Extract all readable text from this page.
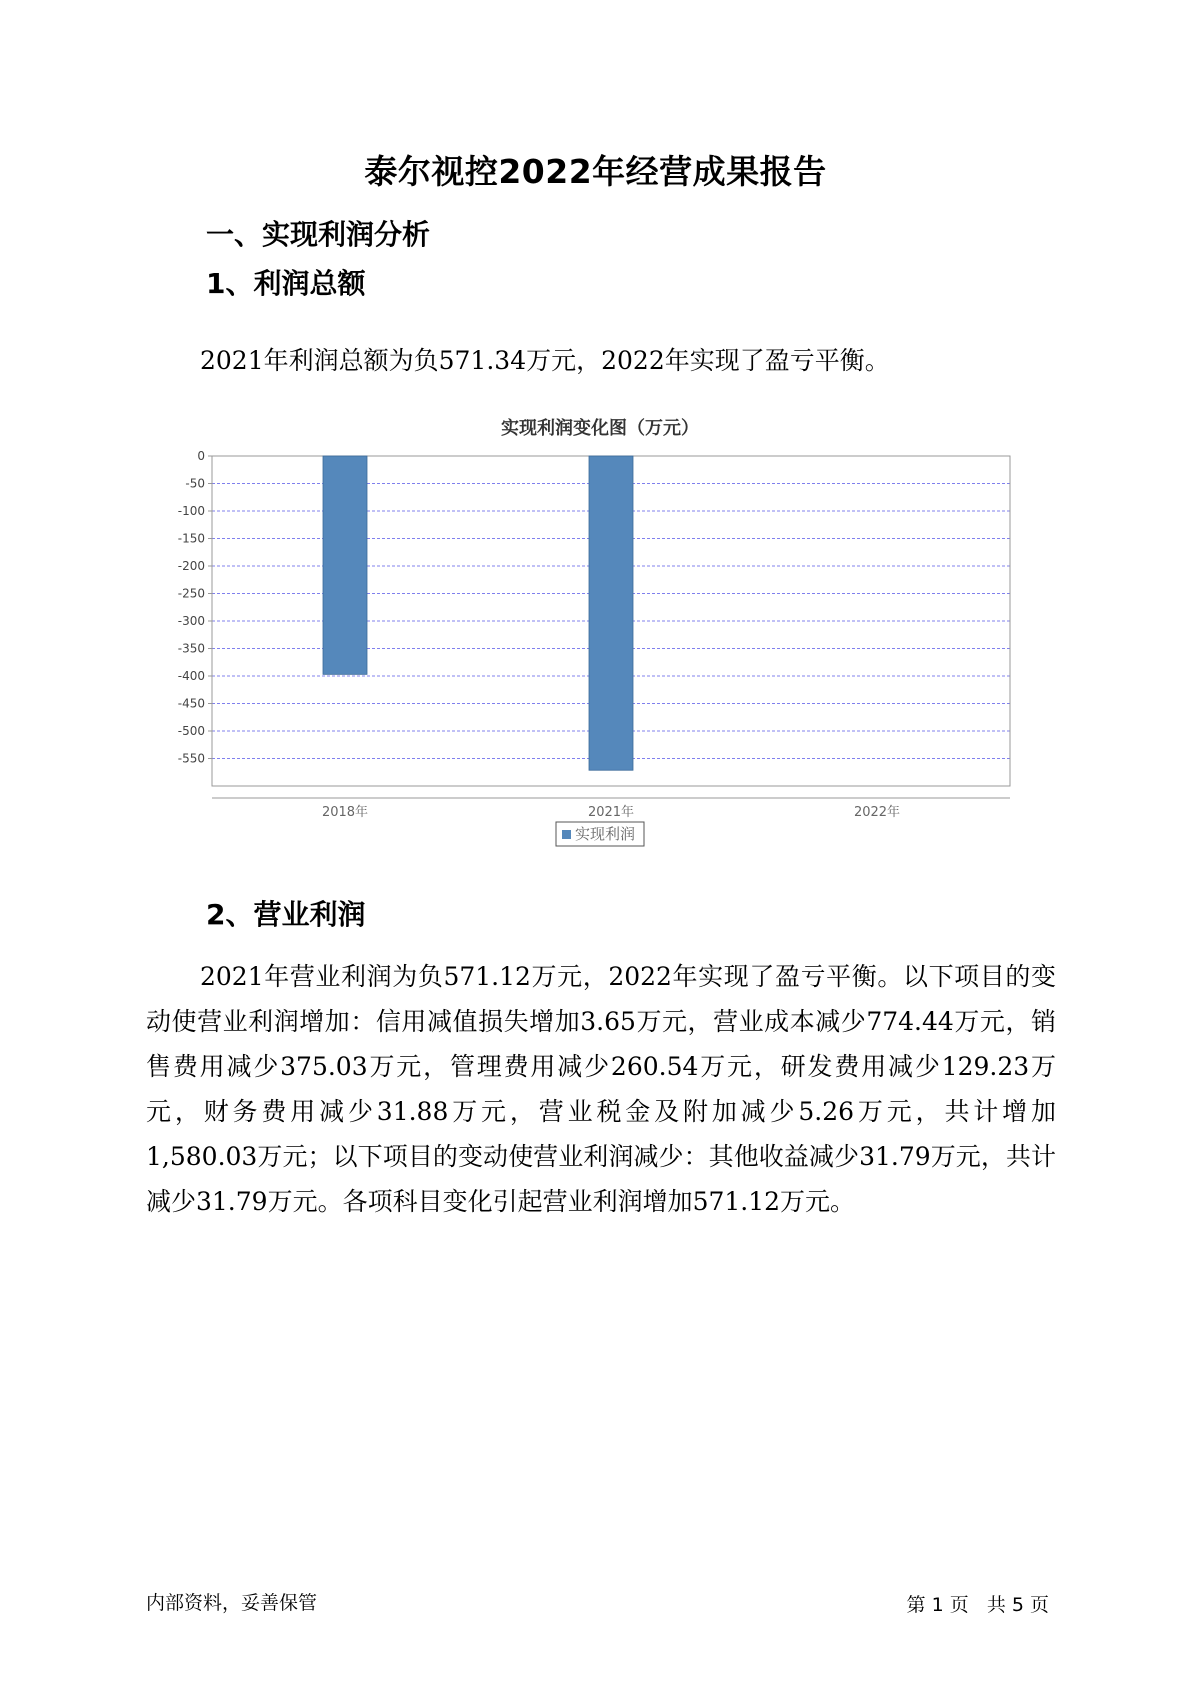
泰尔视控2022年经营成果报告
一、实现利润分析
1、利润总额

2021年利润总额为负571.34万元，2022年实现了盈亏平衡。

实现利润变化图（万元）
0
-50
-100
-150
-200
-250
-300
-350
-400
-450
-500
-550
2018年	2021年	2022年
实现利润
2、营业利润

2021年营业利润为负571.12万元，2022年实现了盈亏平衡。以下项目的变动使营业利润增加：信用减值损失增加3.65万元，营业成本减少774.44万元，销售费用减少375.03万元，管理费用减少260.54万元，研发费用减少129.23万元，财务费用减少31.88万元，营业税金及附加减少5.26万元，共计增加1,580.03万元；以下项目的变动使营业利润减少：其他收益减少31.79万元，共计减少31.79万元。各项科目变化引起营业利润增加571.12万元。

内部资料，妥善保管	第 1 页   共 5 页
